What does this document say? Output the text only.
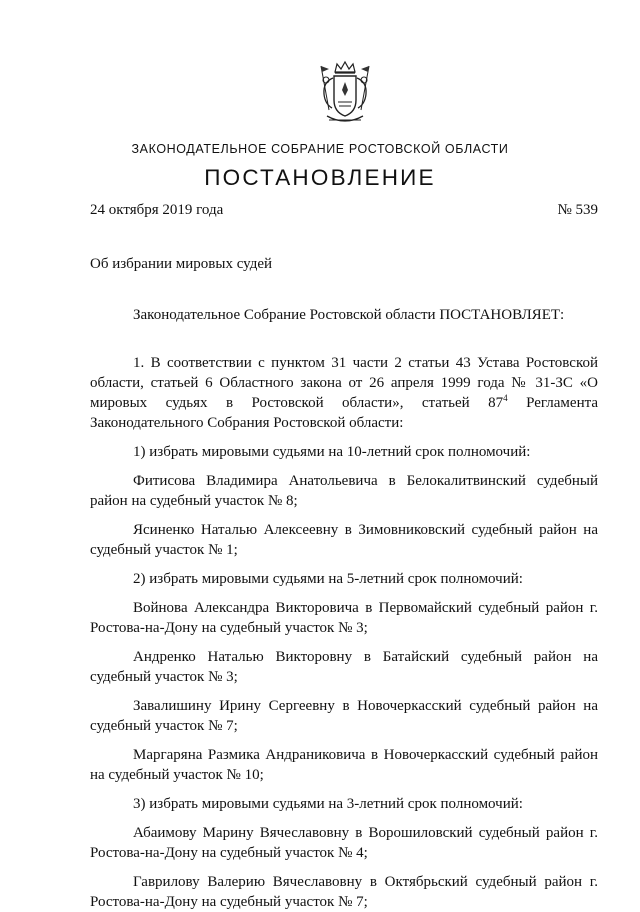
ЗАКОНОДАТЕЛЬНОЕ СОБРАНИЕ РОСТОВСКОЙ ОБЛАСТИ
ПОСТАНОВЛЕНИЕ
24 октября 2019 года	№ 539
Об избрании мировых судей

Законодательное Собрание Ростовской области ПОСТАНОВЛЯЕТ:

1. В соответствии с пунктом 31 части 2 статьи 43 Устава Ростовской области, статьей 6 Областного закона от 26 апреля 1999 года № 31-ЗС «О мировых судьях в Ростовской области», статьей $87^4$ Регламента Законодательного Собрания Ростовской области:

1) избрать мировыми судьями на 10-летний срок полномочий:

Фитисова Владимира Анатольевича в Белокалитвинский судебный район на судебный участок № 8;

Ясиненко Наталью Алексеевну в Зимовниковский судебный район на судебный участок № 1;

2) избрать мировыми судьями на 5-летний срок полномочий:

Войнова Александра Викторовича в Первомайский судебный район г. Ростова-на-Дону на судебный участок № 3;

Андренко Наталью Викторовну в Батайский судебный район на судебный участок № 3;

Завалишину Ирину Сергеевну в Новочеркасский судебный район на судебный участок № 7;

Маргаряна Размика Андраниковича в Новочеркасский судебный район на судебный участок № 10;

3) избрать мировыми судьями на 3-летний срок полномочий:

Абаимову Марину Вячеславовну в Ворошиловский судебный район г. Ростова-на-Дону на судебный участок № 4;

Гаврилову Валерию Вячеславовну в Октябрьский судебный район г. Ростова-на-Дону на судебный участок № 7;
